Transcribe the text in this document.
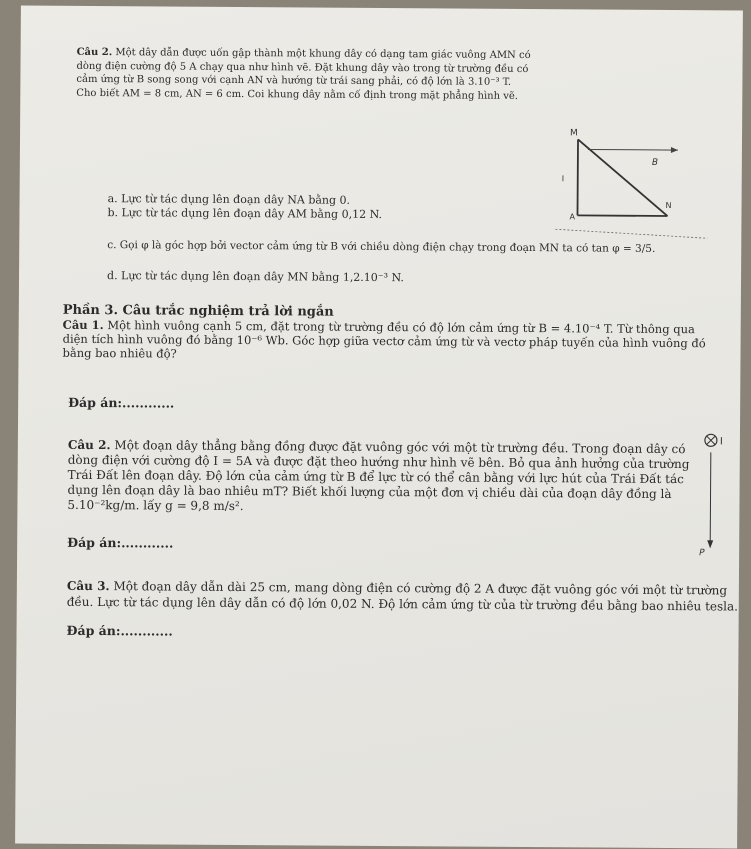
Câu 2. Một dây dẫn được uốn gập thành một khung dây có dạng tam giác vuông AMN có dòng điện cường độ 5 A chạy qua như hình vẽ. Đặt khung dây vào trong từ trường đều có cảm ứng từ B song song với cạnh AN và hướng từ trái sang phải, có độ lớn là 3.10⁻³ T. Cho biết AM = 8 cm, AN = 6 cm. Coi khung dây nằm cố định trong mặt phẳng hình vẽ.
M
A
N
B
I
a. Lực từ tác dụng lên đoạn dây NA bằng 0.
b. Lực từ tác dụng lên đoạn dây AM bằng 0,12 N.
c. Gọi φ là góc hợp bởi vector cảm ứng từ B với chiều dòng điện chạy trong đoạn MN ta có tan φ = 3/5.
d. Lực từ tác dụng lên đoạn dây MN bằng 1,2.10⁻³ N.
Phần 3. Câu trắc nghiệm trả lời ngắn
Câu 1. Một hình vuông cạnh 5 cm, đặt trong từ trường đều có độ lớn cảm ứng từ B = 4.10⁻⁴ T. Từ thông qua diện tích hình vuông đó bằng 10⁻⁶ Wb. Góc hợp giữa vectơ cảm ứng từ và vectơ pháp tuyến của hình vuông đó bằng bao nhiêu độ?
Đáp án:............
Câu 2. Một đoạn dây thẳng bằng đồng được đặt vuông góc với một từ trường đều. Trong đoạn dây có dòng điện với cường độ I = 5A và được đặt theo hướng như hình vẽ bên. Bỏ qua ảnh hưởng của trường Trái Đất lên đoạn dây. Độ lớn của cảm ứng từ B để lực từ có thể cân bằng với lực hút của Trái Đất tác dụng lên đoạn dây là bao nhiêu mT? Biết khối lượng của một đơn vị chiều dài của đoạn dây đồng là 5.10⁻²kg/m. lấy g = 9,8 m/s².
I
P
Đáp án:............
Câu 3. Một đoạn dây dẫn dài 25 cm, mang dòng điện có cường độ 2 A được đặt vuông góc với một từ trường đều. Lực từ tác dụng lên dây dẫn có độ lớn 0,02 N. Độ lớn cảm ứng từ của từ trường đều bằng bao nhiêu tesla.
Đáp án:............
